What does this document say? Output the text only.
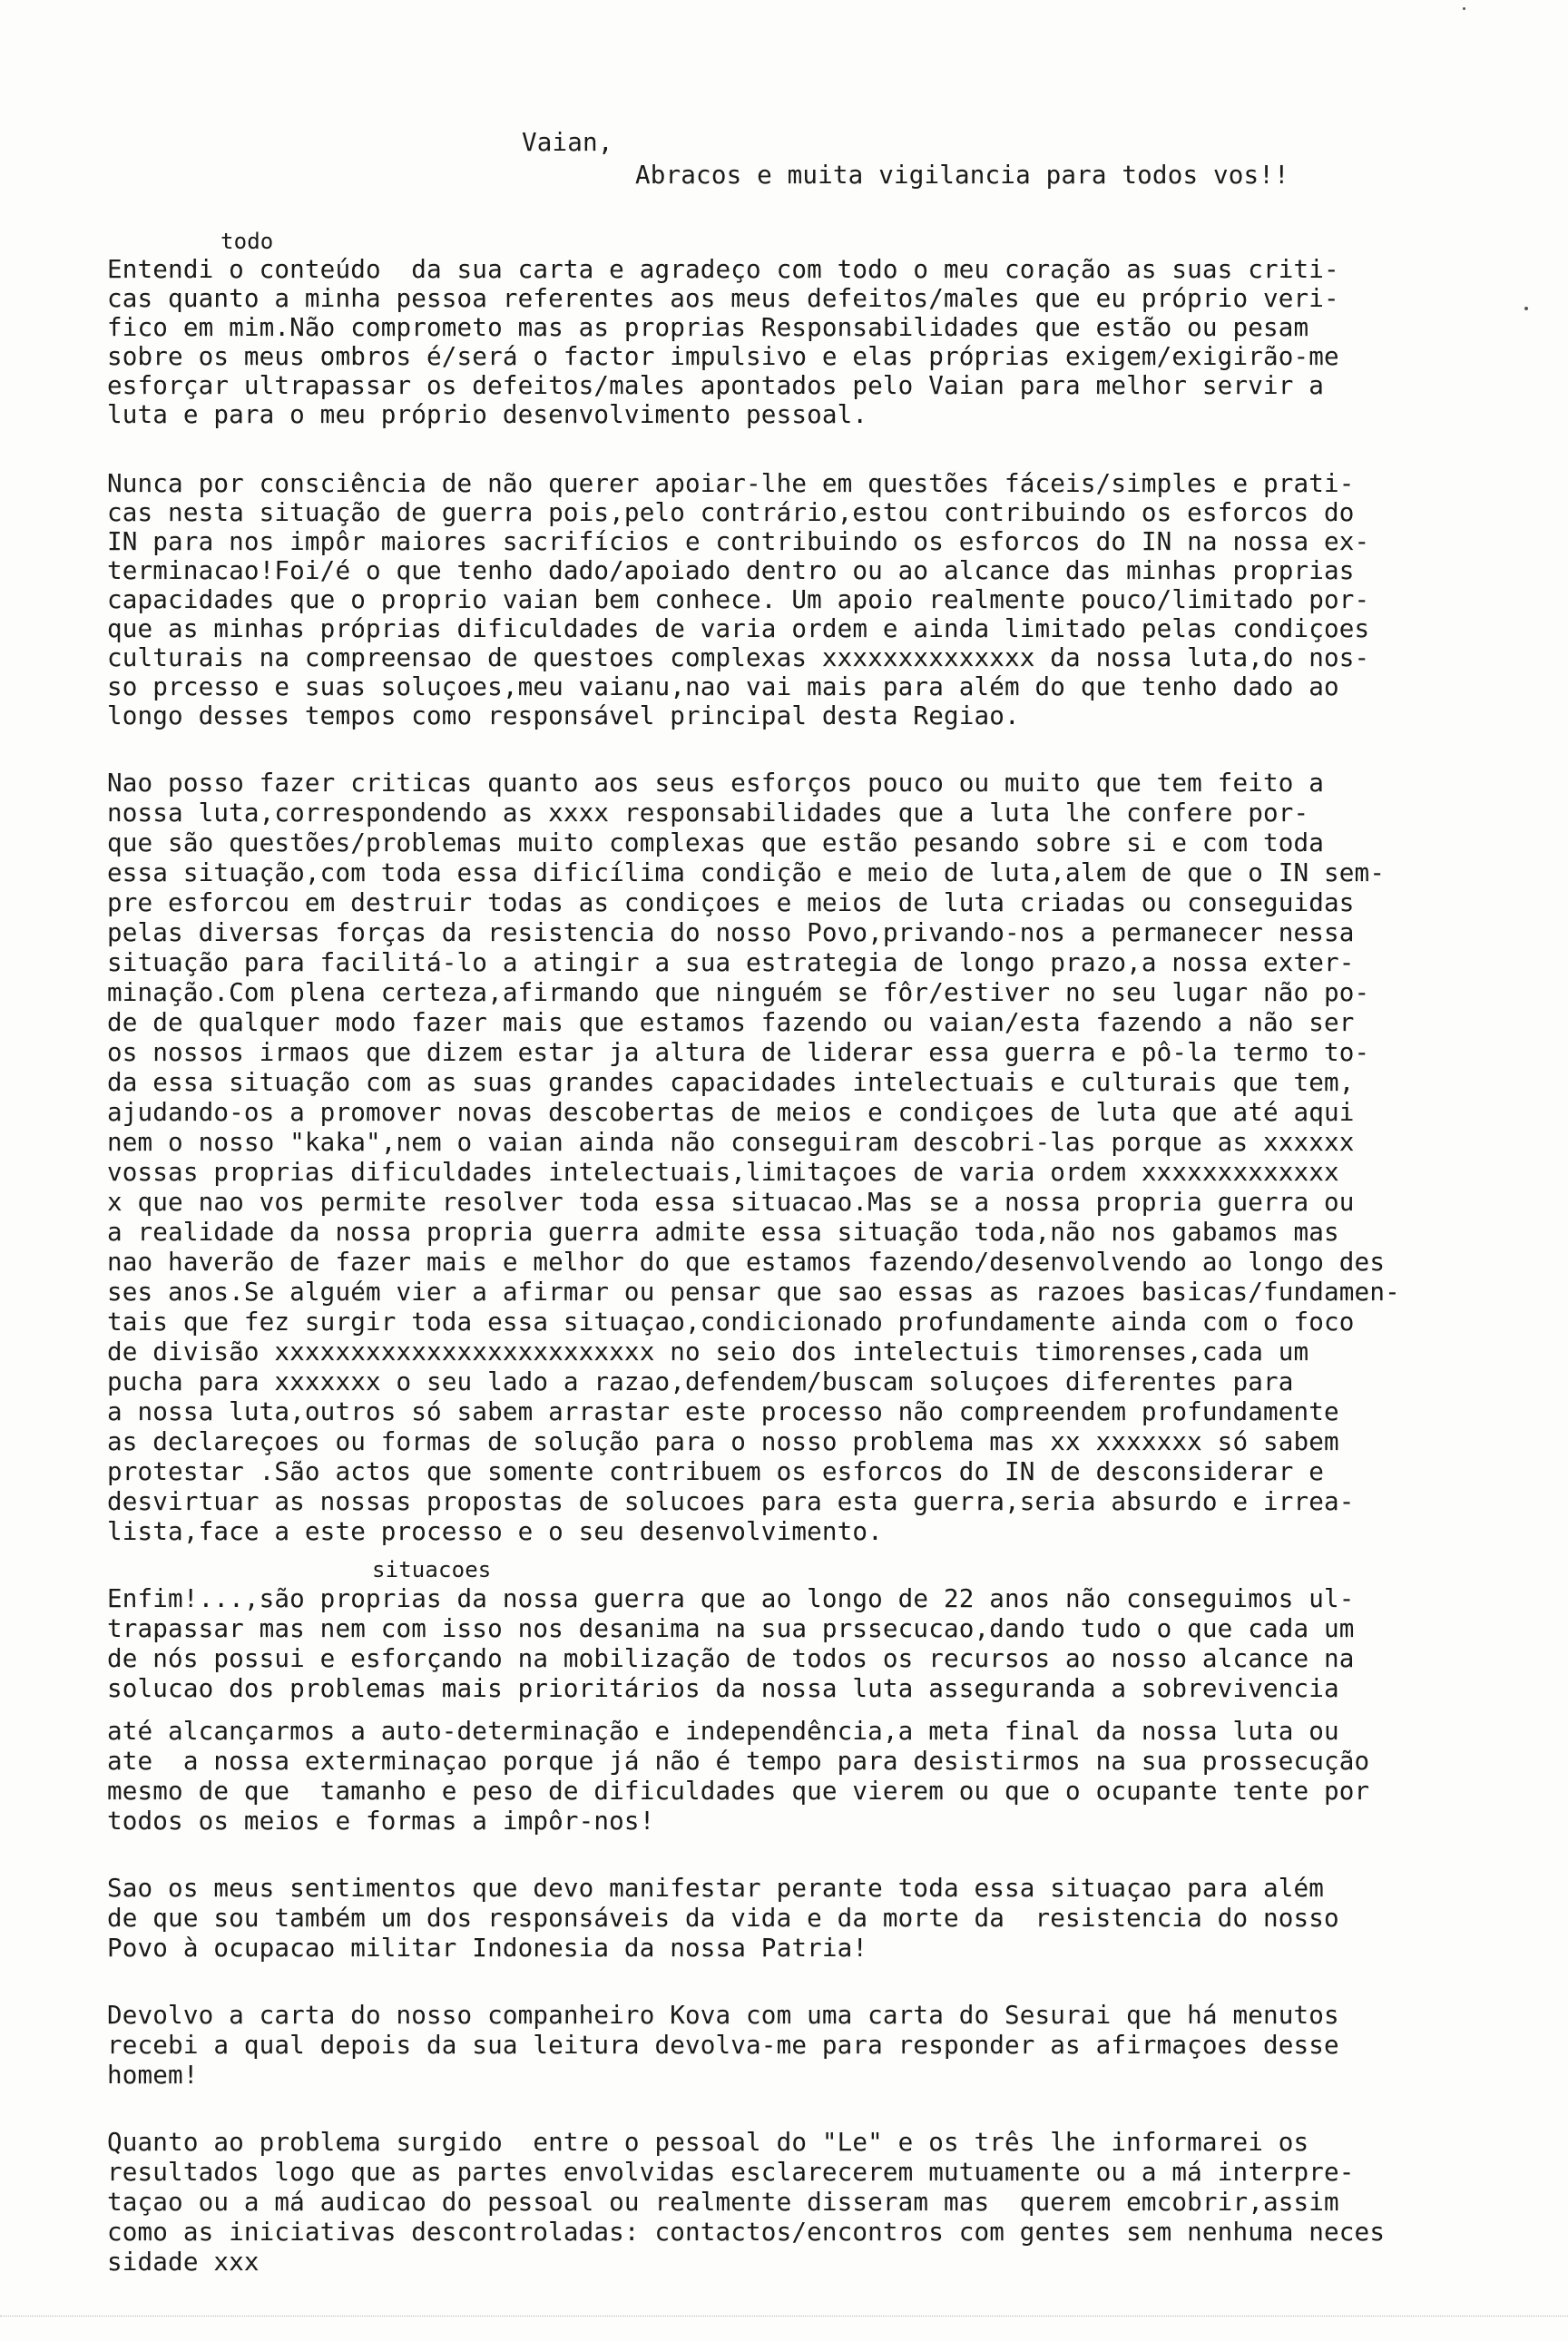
Vaian,
Abracos e muita vigilancia para todos vos!!
todo
Entendi o conteúdo  da sua carta e agradeço com todo o meu coração as suas criti-
cas quanto a minha pessoa referentes aos meus defeitos/males que eu próprio veri-
fico em mim.Não comprometo mas as proprias Responsabilidades que estão ou pesam
sobre os meus ombros é/será o factor impulsivo e elas próprias exigem/exigirão-me
esforçar ultrapassar os defeitos/males apontados pelo Vaian para melhor servir a
luta e para o meu próprio desenvolvimento pessoal.
Nunca por consciência de não querer apoiar-lhe em questões fáceis/simples e prati-
cas nesta situação de guerra pois,pelo contrário,estou contribuindo os esforcos do
IN para nos impôr maiores sacrifícios e contribuindo os esforcos do IN na nossa ex-
terminacao!Foi/é o que tenho dado/apoiado dentro ou ao alcance das minhas proprias
capacidades que o proprio vaian bem conhece. Um apoio realmente pouco/limitado por-
que as minhas próprias dificuldades de varia ordem e ainda limitado pelas condiçoes
culturais na compreensao de questoes complexas xxxxxxxxxxxxxx da nossa luta,do nos-
so prcesso e suas soluçoes,meu vaianu,nao vai mais para além do que tenho dado ao
longo desses tempos como responsável principal desta Regiao.
Nao posso fazer criticas quanto aos seus esforços pouco ou muito que tem feito a
nossa luta,correspondendo as xxxx responsabilidades que a luta lhe confere por-
que são questões/problemas muito complexas que estão pesando sobre si e com toda
essa situação,com toda essa dificílima condição e meio de luta,alem de que o IN sem-
pre esforcou em destruir todas as condiçoes e meios de luta criadas ou conseguidas
pelas diversas forças da resistencia do nosso Povo,privando-nos a permanecer nessa
situação para facilitá-lo a atingir a sua estrategia de longo prazo,a nossa exter-
minação.Com plena certeza,afirmando que ninguém se fôr/estiver no seu lugar não po-
de de qualquer modo fazer mais que estamos fazendo ou vaian/esta fazendo a não ser
os nossos irmaos que dizem estar ja altura de liderar essa guerra e pô-la termo to-
da essa situação com as suas grandes capacidades intelectuais e culturais que tem,
ajudando-os a promover novas descobertas de meios e condiçoes de luta que até aqui
nem o nosso "kaka",nem o vaian ainda não conseguiram descobri-las porque as xxxxxx
vossas proprias dificuldades intelectuais,limitaçoes de varia ordem xxxxxxxxxxxxx
x que nao vos permite resolver toda essa situacao.Mas se a nossa propria guerra ou
a realidade da nossa propria guerra admite essa situação toda,não nos gabamos mas
nao haverão de fazer mais e melhor do que estamos fazendo/desenvolvendo ao longo des
ses anos.Se alguém vier a afirmar ou pensar que sao essas as razoes basicas/fundamen-
tais que fez surgir toda essa situaçao,condicionado profundamente ainda com o foco
de divisão xxxxxxxxxxxxxxxxxxxxxxxxx no seio dos intelectuis timorenses,cada um
pucha para xxxxxxx o seu lado a razao,defendem/buscam soluçoes diferentes para
a nossa luta,outros só sabem arrastar este processo não compreendem profundamente
as declareçoes ou formas de solução para o nosso problema mas xx xxxxxxx só sabem
protestar .São actos que somente contribuem os esforcos do IN de desconsiderar e
desvirtuar as nossas propostas de solucoes para esta guerra,seria absurdo e irrea-
lista,face a este processo e o seu desenvolvimento.
situacoes
Enfim!...,são proprias da nossa guerra que ao longo de 22 anos não conseguimos ul-
trapassar mas nem com isso nos desanima na sua prssecucao,dando tudo o que cada um
de nós possui e esforçando na mobilização de todos os recursos ao nosso alcance na
solucao dos problemas mais prioritários da nossa luta asseguranda a sobrevivencia
até alcançarmos a auto-determinação e independência,a meta final da nossa luta ou
ate  a nossa exterminaçao porque já não é tempo para desistirmos na sua prossecução
mesmo de que  tamanho e peso de dificuldades que vierem ou que o ocupante tente por
todos os meios e formas a impôr-nos!
Sao os meus sentimentos que devo manifestar perante toda essa situaçao para além
de que sou também um dos responsáveis da vida e da morte da  resistencia do nosso
Povo à ocupacao militar Indonesia da nossa Patria!
Devolvo a carta do nosso companheiro Kova com uma carta do Sesurai que há menutos
recebi a qual depois da sua leitura devolva-me para responder as afirmaçoes desse
homem!
Quanto ao problema surgido  entre o pessoal do "Le" e os três lhe informarei os
resultados logo que as partes envolvidas esclarecerem mutuamente ou a má interpre-
taçao ou a má audicao do pessoal ou realmente disseram mas  querem emcobrir,assim
como as iniciativas descontroladas: contactos/encontros com gentes sem nenhuma neces
sidade xxx
